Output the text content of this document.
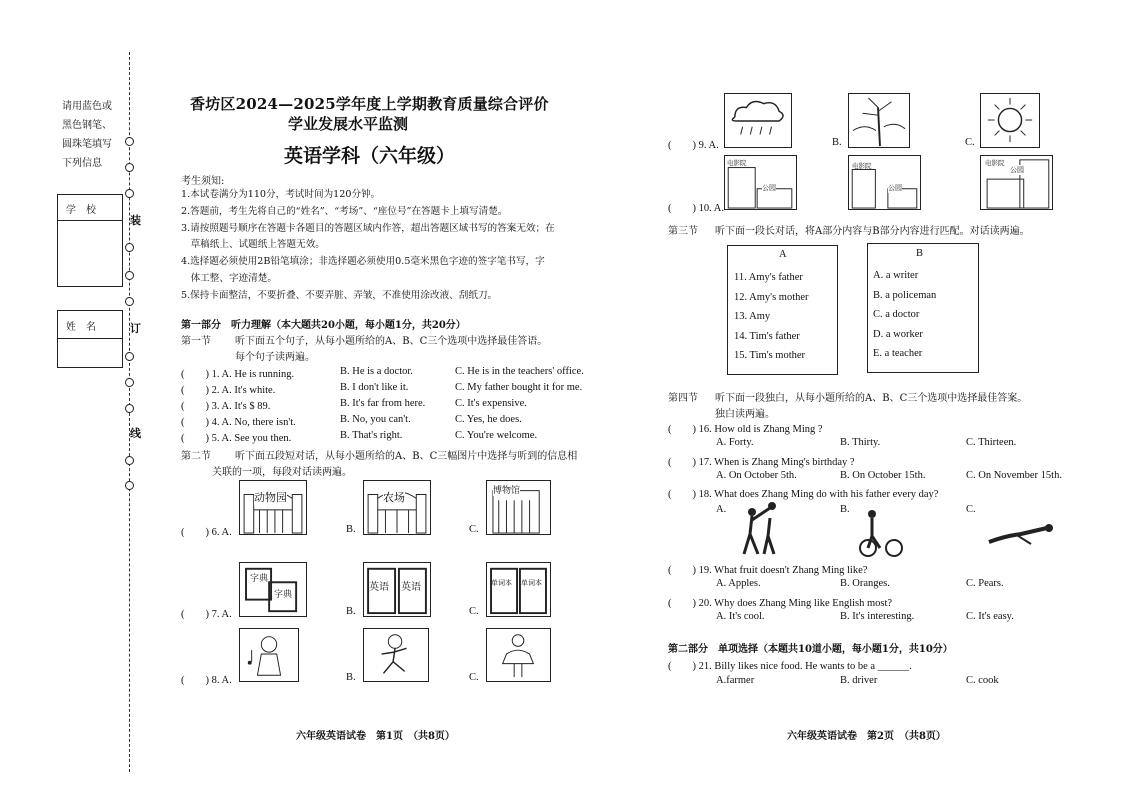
请用蓝色或
黑色钢笔、
圆珠笔填写
下列信息
学　校
姓　名
装
订
线
香坊区2024—2025学年度上学期教育质量综合评价
学业发展水平监测
英语学科（六年级）
考生须知:
1.本试卷满分为110分，考试时间为120分钟。
2.答题前，考生先将自己的“姓名”、“考场”、“座位号”在答题卡上填写清楚。
3.请按照题号顺序在答题卡各题目的答题区域内作答，超出答题区域书写的答案无效；在
　草稿纸上、试题纸上答题无效。
4.选择题必须使用2B铅笔填涂；非选择题必须使用0.5毫米黑色字迹的签字笔书写，字
　体工整、字迹清楚。
5.保持卡面整洁，不要折叠、不要弄脏、弄皱，不准使用涂改液、刮纸刀。
第一部分　听力理解（本大题共20小题，每小题1分，共20分）
第一节 听下面五个句子，从每小题所给的A、B、C三个选项中选择最佳答语。
每个句子读两遍。
(　　) 1. A. He is running.	B. He is a doctor.	C. He is in the teachers' office.
(　　) 2. A. It's white.	B. I don't like it.	C. My father bought it for me.
(　　) 3. A. It's $ 89.	B. It's far from here.	C. It's expensive.
(　　) 4. A. No, there isn't.	B. No, you can't.	C. Yes, he does.
(　　) 5. A. See you then.	B. That's right.	C. You're welcome.
第二节 听下面五段短对话，从每小题所给的A、B、C三幅图片中选择与听到的信息相
关联的一项，每段对话读两遍。
(　　) 6. A.
动物园
B.
农场
C.
博物馆
(　　) 7. A.
字典
字典
B.
英语 英语
C.
单词本 单词本
(　　) 8. A.	B.	C.
六年级英语试卷　第1页　（共8页）
(　　) 9. A.	B.	C.
(　　) 10. A.
电影院
公园
电影院
公园
公园
电影院
第三节 听下面一段长对话，将A部分内容与B部分内容进行匹配。对话读两遍。
A
11. Amy's father
12. Amy's mother
13. Amy
14. Tim's father
15. Tim's mother
B
A. a writer
B. a policeman
C. a doctor
D. a worker
E. a teacher
第四节 听下面一段独白，从每小题所给的A、B、C三个选项中选择最佳答案。
独白读两遍。
(　　) 16. How old is Zhang Ming ?
A. Forty.	B. Thirty.	C. Thirteen.
(　　) 17. When is Zhang Ming's birthday ?
A. On October 5th.	B. On October 15th.	C. On November 15th.
(　　) 18. What does Zhang Ming do with his father every day?
A.	B.	C.
(　　) 19. What fruit doesn't Zhang Ming like?
A. Apples.	B. Oranges.	C. Pears.
(　　) 20. Why does Zhang Ming like English most?
A. It's cool.	B. It's interesting.	C. It's easy.
第二部分　单项选择（本题共10道小题，每小题1分，共10分）
(　　) 21. Billy likes nice food. He wants to be a ______.
A.farmer	B. driver	C. cook
六年级英语试卷　第2页　（共8页）
